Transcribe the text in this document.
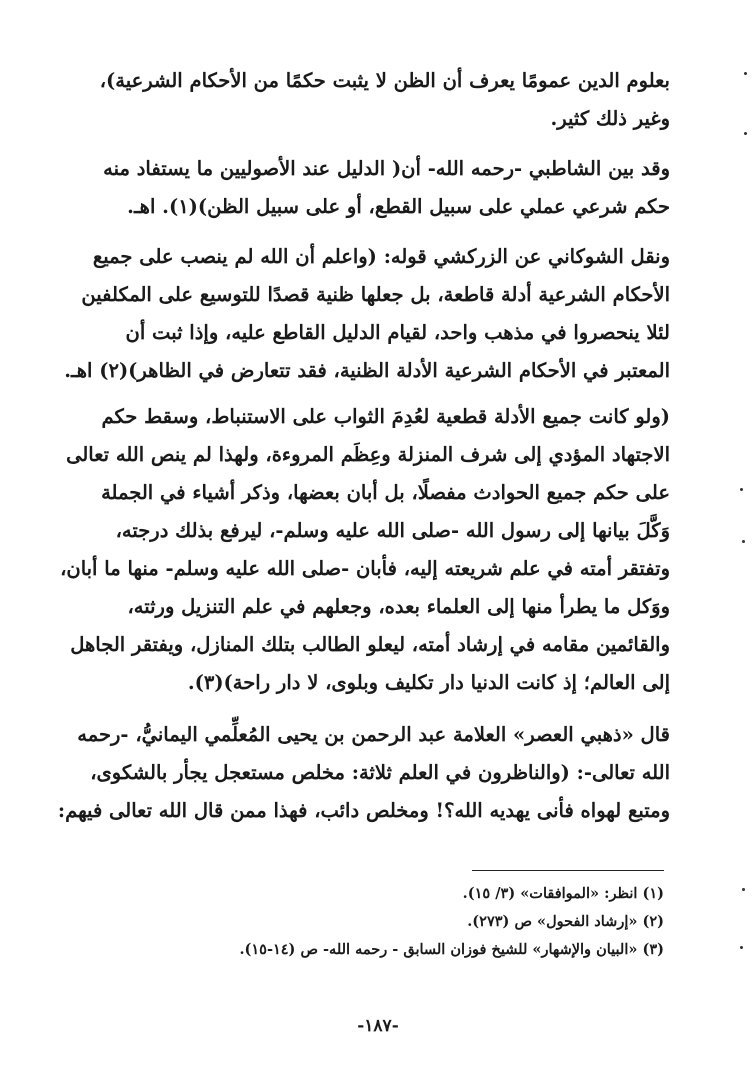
بعلوم الدين عمومًا يعرف أن الظن لا يثبت حكمًا من الأحكام الشرعية)،
وغير ذلك كثير.
وقد بين الشاطبي -رحمه الله- أن( الدليل عند الأصوليين ما يستفاد منه
حكم شرعي عملي على سبيل القطع، أو على سبيل الظن)(١). اهـ.
ونقل الشوكاني عن الزركشي قوله: (واعلم أن الله لم ينصب على جميع
الأحكام الشرعية أدلة قاطعة، بل جعلها ظنية قصدًا للتوسيع على المكلفين
لئلا ينحصروا في مذهب واحد، لقيام الدليل القاطع عليه، وإذا ثبت أن
المعتبر في الأحكام الشرعية الأدلة الظنية، فقد تتعارض في الظاهر)(٢) اهـ.
(ولو كانت جميع الأدلة قطعية لعُدِمَ الثواب على الاستنباط، وسقط حكم
الاجتهاد المؤدي إلى شرف المنزلة وعِظَم المروءة، ولهذا لم ينص الله تعالى
على حكم جميع الحوادث مفصلًا، بل أبان بعضها، وذكر أشياء في الجملة
وَكَّلَ بيانها إلى رسول الله -صلى الله عليه وسلم-، ليرفع بذلك درجته،
وتفتقر أمته في علم شريعته إليه، فأبان -صلى الله عليه وسلم- منها ما أبان،
ووَكل ما يطرأ منها إلى العلماء بعده، وجعلهم في علم التنزيل ورثته،
والقائمين مقامه في إرشاد أمته، ليعلو الطالب بتلك المنازل، ويفتقر الجاهل
إلى العالم؛ إذ كانت الدنيا دار تكليف وبلوى، لا دار راحة)(٣).
قال «ذهبي العصر» العلامة عبد الرحمن بن يحيى المُعلِّمي اليمانيُّ، -رحمه
الله تعالى-: (والناظرون في العلم ثلاثة: مخلص مستعجل يجأر بالشكوى،
ومتبع لهواه فأنى يهديه الله؟! ومخلص دائب، فهذا ممن قال الله تعالى فيهم:
(١) انظر: «الموافقات» (٣/ ١٥).
(٢) «إرشاد الفحول» ص (٢٧٣).
(٣) «البيان والإشهار» للشيخ فوزان السابق - رحمه الله- ص (١٤-١٥).
-١٨٧-
